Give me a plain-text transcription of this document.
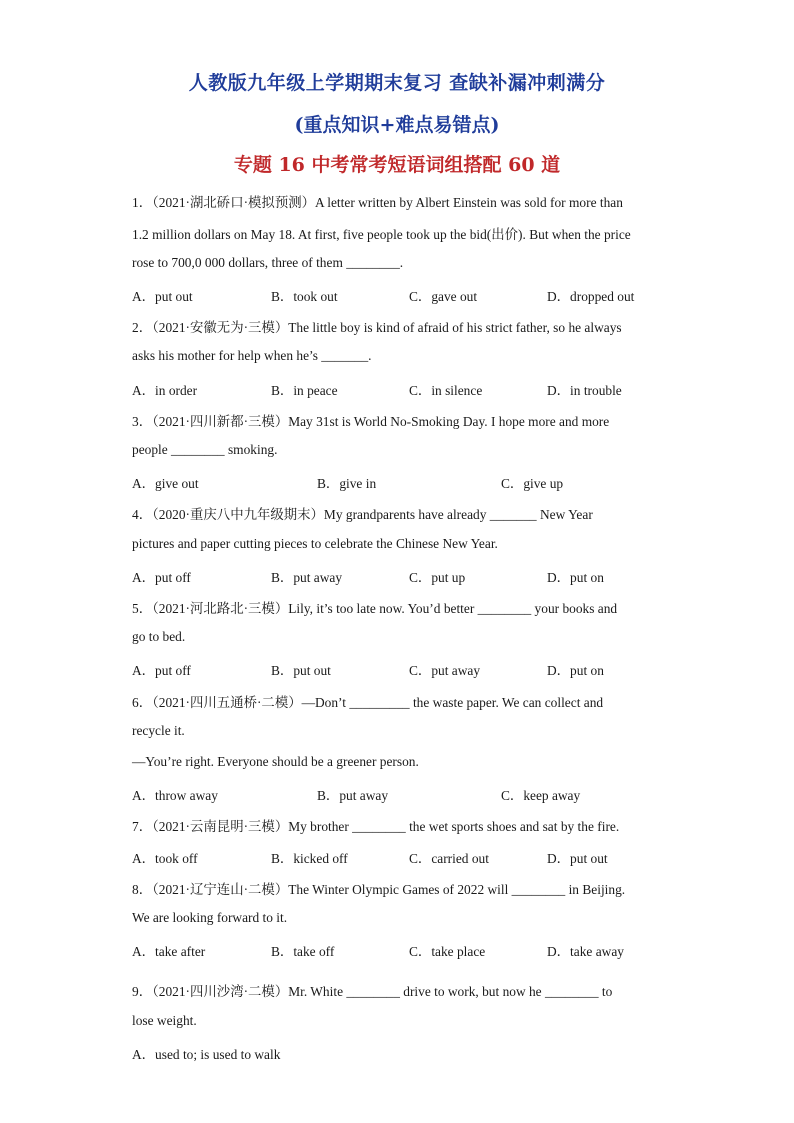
人教版九年级上学期期末复习 查缺补漏冲刺满分
(重点知识+难点易错点)
专题 16 中考常考短语词组搭配 60 道
1．（2021·湖北硚口·模拟预测）A letter written by Albert Einstein was sold for more than
1.2 million dollars on May 18. At first, five people took up the bid(出价). But when the price
rose to 700,0 000 dollars, three of them ________.
A．put out	B．took out	C．gave out	D．dropped out
2．（2021·安徽无为·三模）The little boy is kind of afraid of his strict father, so he always
asks his mother for help when he’s _______.
A．in order	B．in peace	C．in silence	D．in trouble
3．（2021·四川新都·三模）May 31st is World No-Smoking Day. I hope more and more
people ________ smoking.
A．give out	B．give in	C．give up
4．（2020·重庆八中九年级期末）My grandparents have already _______ New Year
pictures and paper cutting pieces to celebrate the Chinese New Year.
A．put off	B．put away	C．put up	D．put on
5．（2021·河北路北·三模）Lily, it’s too late now. You’d better ________ your books and
go to bed.
A．put off	B．put out	C．put away	D．put on
6．（2021·四川五通桥·二模）—Don’t _________ the waste paper. We can collect and
recycle it.
—You’re right. Everyone should be a greener person.
A．throw away	B．put away	C．keep away
7．（2021·云南昆明·三模）My brother ________ the wet sports shoes and sat by the fire.
A．took off	B．kicked off	C．carried out	D．put out
8．（2021·辽宁连山·二模）The Winter Olympic Games of 2022 will ________ in Beijing.
We are looking forward to it.
A．take after	B．take off	C．take place	D．take away
9．（2021·四川沙湾·二模）Mr. White ________ drive to work, but now he ________ to
lose weight.
A．used to; is used to walk
